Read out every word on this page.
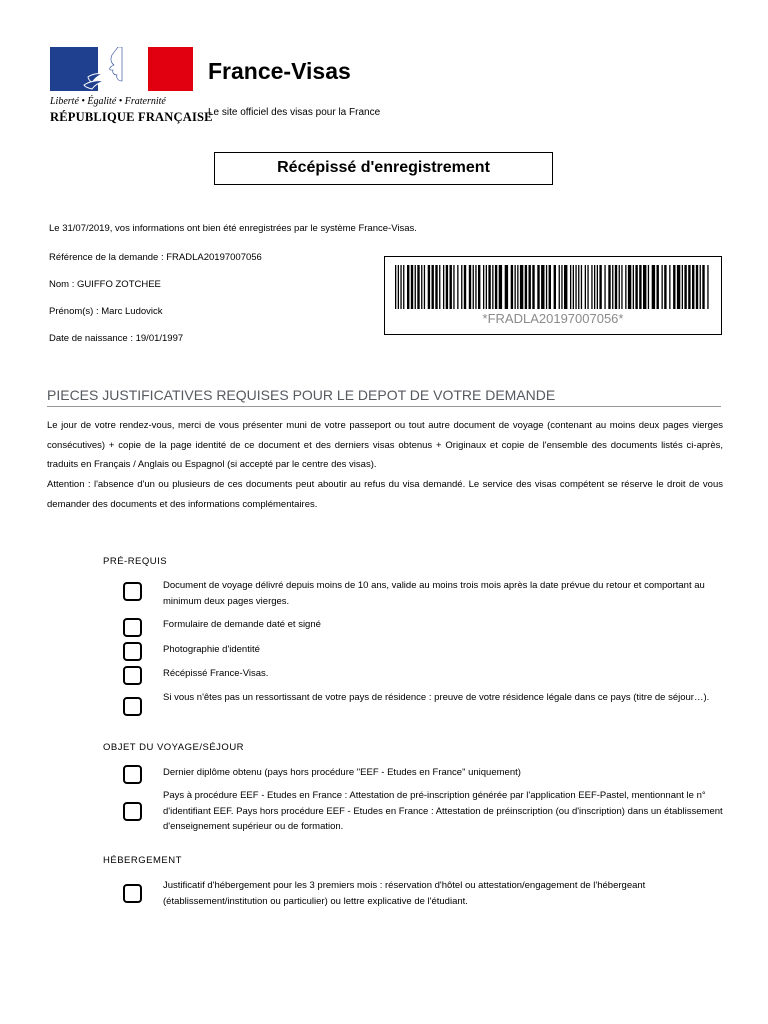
Liberté • Égalité • Fraternité
RÉPUBLIQUE FRANÇAISE
France-Visas
Le site officiel des visas pour la France
Récépissé d'enregistrement
Le 31/07/2019, vos informations ont bien été enregistrées par le système France-Visas.
Référence de la demande : FRADLA20197007056
Nom : GUIFFO ZOTCHEE
Prénom(s) : Marc Ludovick
Date de naissance : 19/01/1997
*FRADLA20197007056*
PIECES JUSTIFICATIVES REQUISES POUR LE DEPOT DE VOTRE DEMANDE
Le jour de votre rendez-vous, merci de vous présenter muni de votre passeport ou tout autre document de voyage (contenant au moins deux pages vierges consécutives) + copie de la page identité de ce document et des derniers visas obtenus + Originaux et copie de l'ensemble des documents listés ci-après, traduits en Français / Anglais ou Espagnol (si accepté par le centre des visas).
Attention : l'absence d'un ou plusieurs de ces documents peut aboutir au refus du visa demandé. Le service des visas compétent se réserve le droit de vous demander des documents et des informations complémentaires.
PRÉ-REQUIS
Document de voyage délivré depuis moins de 10 ans, valide au moins trois mois après la date prévue du retour et comportant au minimum deux pages vierges.
Formulaire de demande daté et signé
Photographie d'identité
Récépissé France-Visas.
Si vous n'êtes pas un ressortissant de votre pays de résidence : preuve de votre résidence légale dans ce pays (titre de séjour…).
OBJET DU VOYAGE/SÉJOUR
Dernier diplôme obtenu (pays hors procédure "EEF - Etudes en France" uniquement)
Pays à procédure EEF - Etudes en France : Attestation de pré-inscription générée par l'application EEF-Pastel, mentionnant le n° d'identifiant EEF. Pays hors procédure EEF - Etudes en France : Attestation de préinscription (ou d'inscription) dans un établissement d'enseignement supérieur ou de formation.
HÉBERGEMENT
Justificatif d'hébergement pour les 3 premiers mois : réservation d'hôtel ou attestation/engagement de l'hébergeant (établissement/institution ou particulier) ou lettre explicative de l'étudiant.
